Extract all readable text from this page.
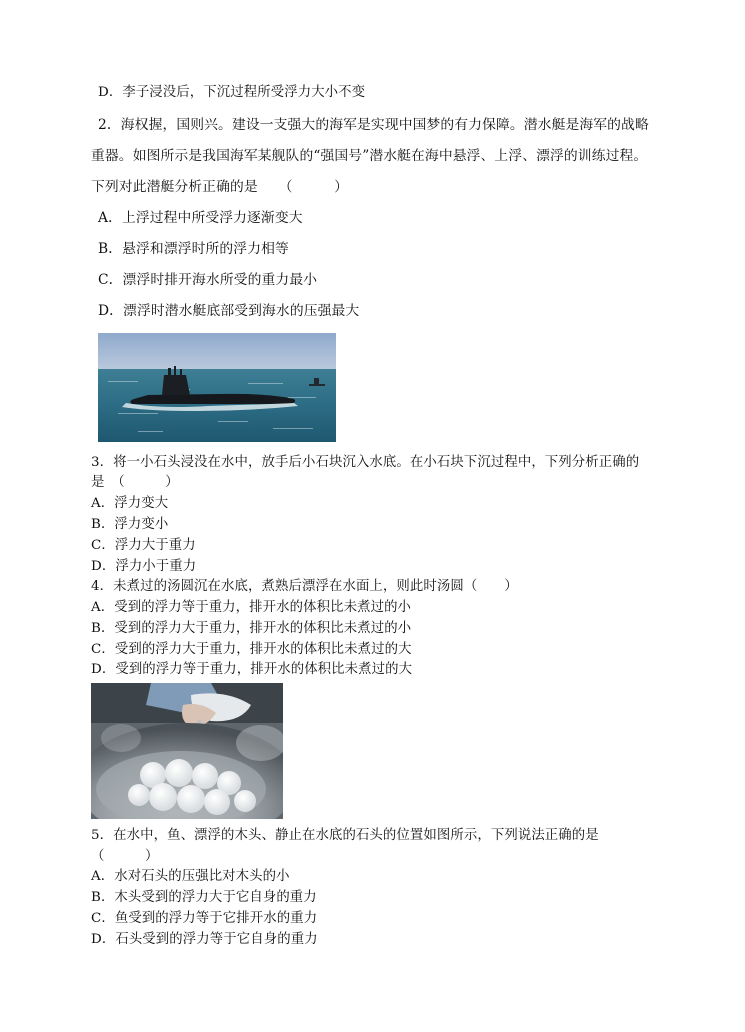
D．李子浸没后，下沉过程所受浮力大小不变
2．海权握，国则兴。建设一支强大的海军是实现中国梦的有力保障。潜水艇是海军的战略
重器。如图所示是我国海军某舰队的“强国号”潜水艇在海中悬浮、上浮、漂浮的训练过程。
下列对此潜艇分析正确的是　　（　　　）
A．上浮过程中所受浮力逐渐变大
B．悬浮和漂浮时所的浮力相等
C．漂浮时排开海水所受的重力最小
D．漂浮时潜水艇底部受到海水的压强最大
3．将一小石头浸没在水中，放手后小石块沉入水底。在小石块下沉过程中，下列分析正确的
是　（　　　）
A．浮力变大
B．浮力变小
C．浮力大于重力
D．浮力小于重力
4．未煮过的汤圆沉在水底，煮熟后漂浮在水面上，则此时汤圆（　　）
A．受到的浮力等于重力，排开水的体积比未煮过的小
B．受到的浮力大于重力，排开水的体积比未煮过的小
C．受到的浮力大于重力，排开水的体积比未煮过的大
D．受到的浮力等于重力，排开水的体积比未煮过的大
5．在水中，鱼、漂浮的木头、静止在水底的石头的位置如图所示，下列说法正确的是
（　　　）
A．水对石头的压强比对木头的小
B．木头受到的浮力大于它自身的重力
C．鱼受到的浮力等于它排开水的重力
D．石头受到的浮力等于它自身的重力
